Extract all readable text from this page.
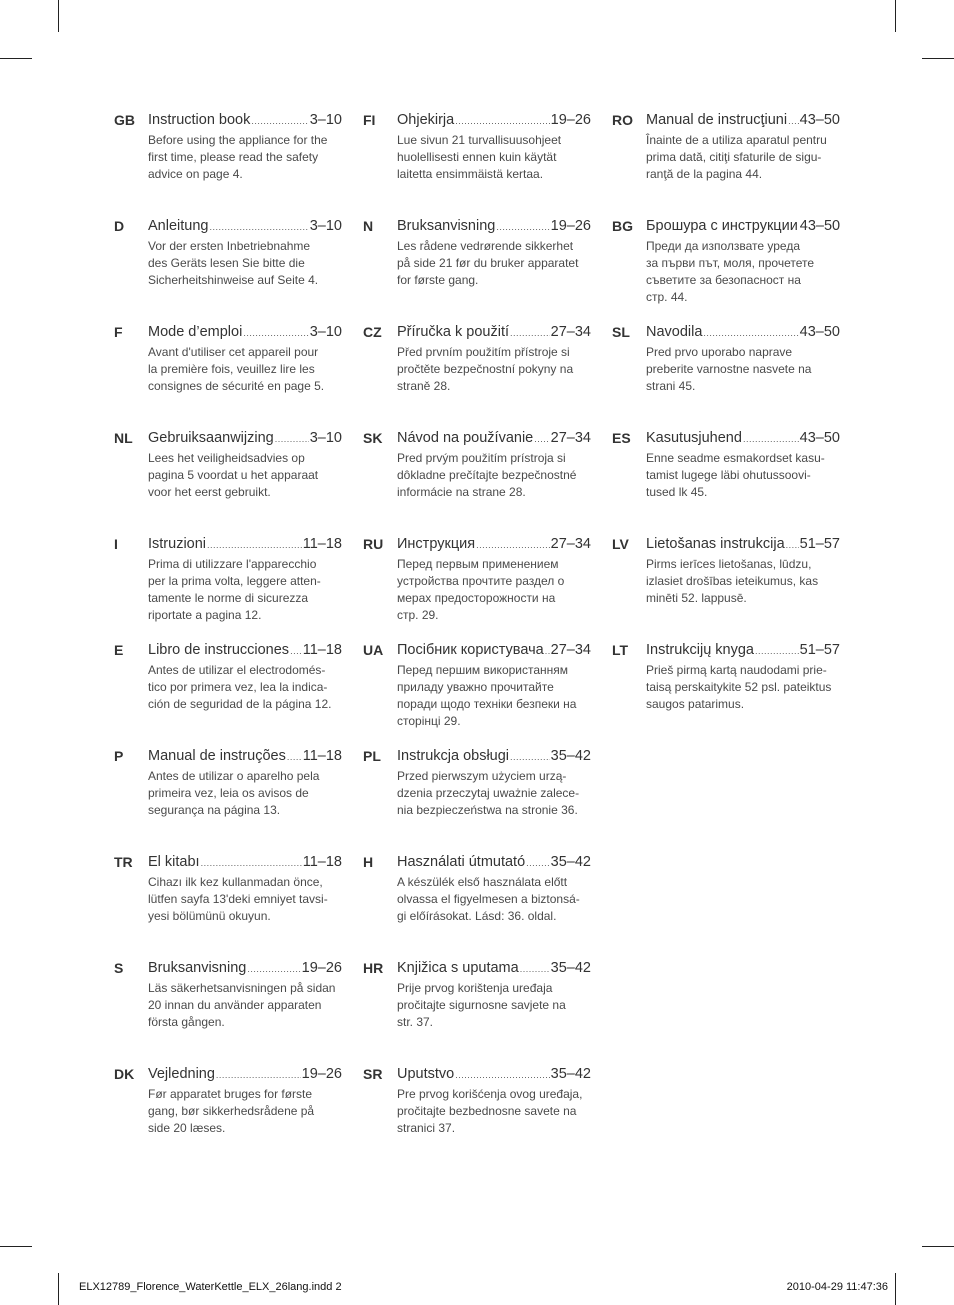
GB Instruction book .....	3–10
Before using the appliance for the
first time, please read the safety
advice on page 4.
D Anleitung .....	3–10
Vor der ersten Inbetriebnahme
des Geräts lesen Sie bitte die
Sicherheitshinweise auf Seite 4.
F Mode d’emploi .....	3–10
Avant d'utiliser cet appareil pour
la première fois, veuillez lire les
consignes de sécurité en page 5.
NL Gebruiksaanwijzing ..... 3–10
Lees het veiligheidsadvies op
pagina 5 voordat u het apparaat
voor het eerst gebruikt.
I Istruzioni .....	11–18
Prima di utilizzare l'apparecchio
per la prima volta, leggere atten-
tamente le norme di sicurezza
riportate a pagina 12.
E Libro de instrucciones ..... 11–18
Antes de utilizar el electrodomés-
tico por primera vez, lea la indica-
ción de seguridad de la página 12.
P Manual de instruções ..... 11–18
Antes de utilizar o aparelho pela
primeira vez, leia os avisos de
segurança na página 13.
TR El kitabı .....	11–18
Cihazı ilk kez kullanmadan önce,
lütfen sayfa 13'deki emniyet tavsi-
yesi bölümünü okuyun.
S Bruksanvisning .....	19–26
Läs säkerhetsanvisningen på sidan
20 innan du använder apparaten
första gången.
DK Vejledning .....	19–26
Før apparatet bruges for første
gang, bør sikkerhedsrådene på
side 20 læses.
FI Ohjekirja .....	19–26
Lue sivun 21 turvallisuusohjeet
huolellisesti ennen kuin käytät
laitetta ensimmäistä kertaa.
N Bruksanvisning .....	19–26
Les rådene vedrørende sikkerhet
på side 21 før du bruker apparatet
for første gang.
CZ Příručka k použití .....	27–34
Před prvním použitím přístroje si
pročtěte bezpečnostní pokyny na
straně 28.
SK Návod na používanie ..... 27–34
Pred prvým použitím prístroja si
dôkladne prečítajte bezpečnostné
informácie na strane 28.
RU Инструкция .....	27–34
Перед первым применением
устройства прочтите раздел о
мерах предосторожности на
стр. 29.
UA Посібник користувача ..... 27–34
Перед першим використанням
приладу уважно прочитайте
поради щодо техніки безпеки на
сторінці 29.
PL Instrukcja obsługi .....	35–42
Przed pierwszym użyciem urzą-
dzenia przeczytaj uważnie zalece-
nia bezpieczeństwa na stronie 36.
H Használati útmutató ..... 35–42
A készülék első használata előtt
olvassa el figyelmesen a biztonsá-
gi előírásokat. Lásd: 36. oldal.
HR Knjižica s uputama ..... 35–42
Prije prvog korištenja uređaja
pročitajte sigurnosne savjete na
str. 37.
SR Uputstvo .....	35–42
Pre prvog korišćenja ovog uređaja,
pročitajte bezbednosne savete na
stranici 37.
RO Manual de instrucţiuni ..... 43–50
Înainte de a utiliza aparatul pentru
prima dată, citiţi sfaturile de sigu-
ranţă de la pagina 44.
BG Брошура с инструкции 43–50
Преди да използвате уреда
за първи път, моля, прочетете
съветите за безопасност на
стр. 44.
SL Navodila .....	43–50
Pred prvo uporabo naprave
preberite varnostne nasvete na
strani 45.
ES Kasutusjuhend .....	43–50
Enne seadme esmakordset kasu-
tamist lugege läbi ohutussoovi-
tused lk 45.
LV Lietošanas instrukcija ..... 51–57
Pirms ierīces lietošanas, lūdzu,
izlasiet drošības ieteikumus, kas
minēti 52. lappusē.
LT Instrukcijų knyga .....	51–57
Prieš pirmą kartą naudodami prie-
taisą perskaitykite 52 psl. pateiktus
saugos patarimus.
ELX12789_Florence_WaterKettle_ELX_26lang.indd 2	2010-04-29 11:47:36
